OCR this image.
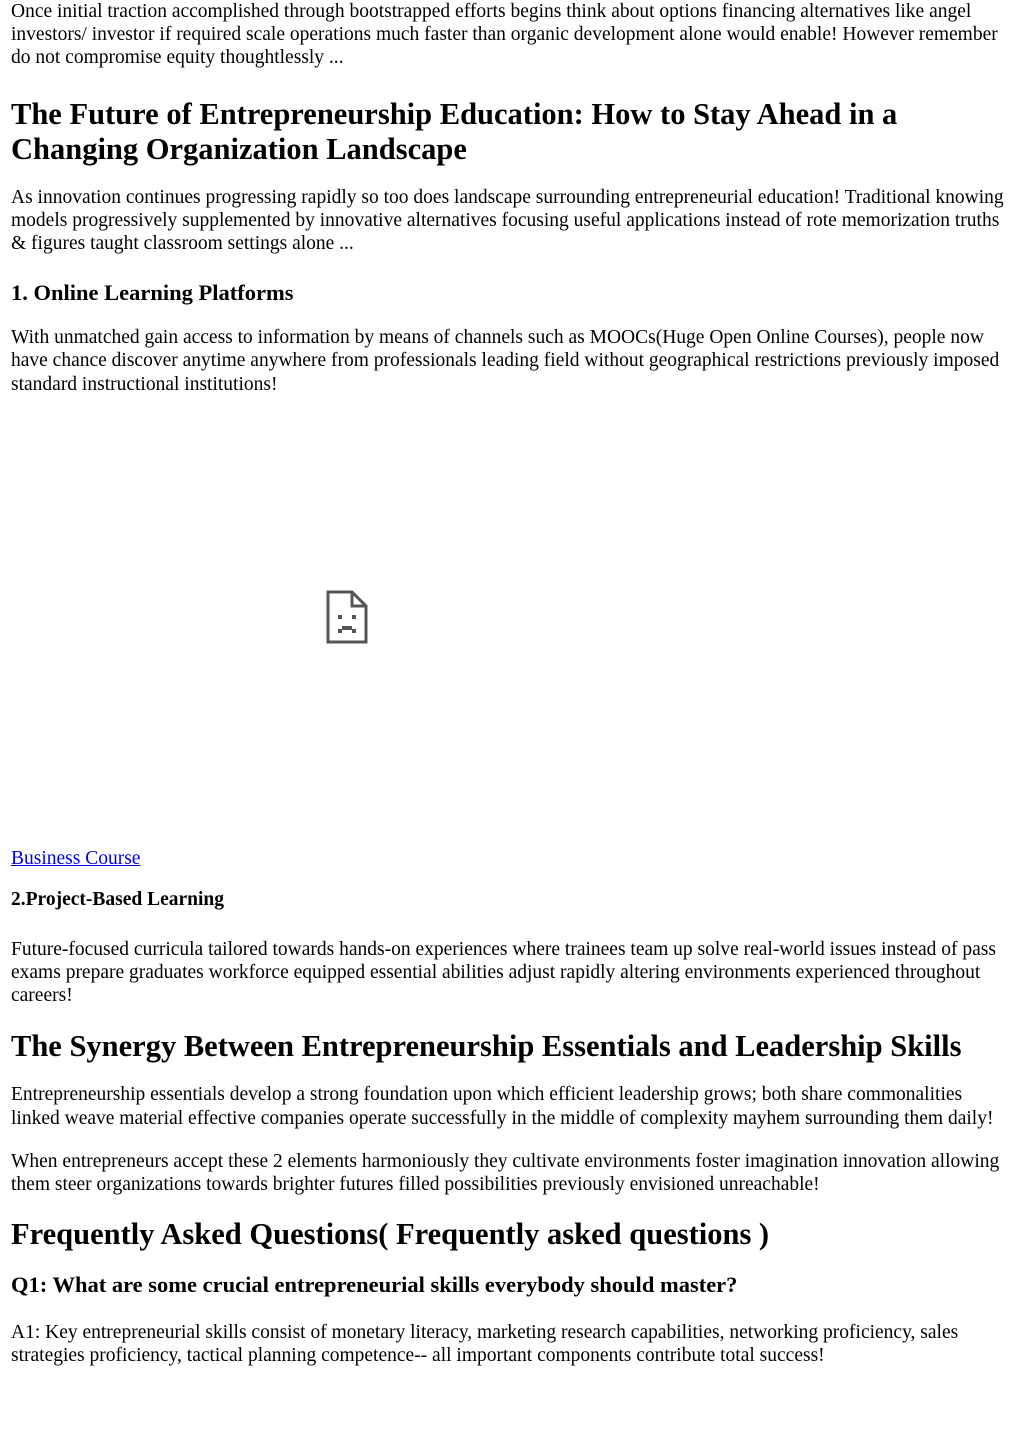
Once initial traction accomplished through bootstrapped efforts begins think about options financing alternatives like angel investors/ investor if required scale operations much faster than organic development alone would enable! However remember do not compromise equity thoughtlessly ...

The Future of Entrepreneurship Education: How to Stay Ahead in a Changing Organization Landscape

As innovation continues progressing rapidly so too does landscape surrounding entrepreneurial education! Traditional knowing models progressively supplemented by innovative alternatives focusing useful applications instead of rote memorization truths & figures taught classroom settings alone ...

1. Online Learning Platforms

With unmatched gain access to information by means of channels such as MOOCs(Huge Open Online Courses), people now have chance discover anytime anywhere from professionals leading field without geographical restrictions previously imposed standard instructional institutions!

Business Course
2.Project-Based Learning

Future-focused curricula tailored towards hands-on experiences where trainees team up solve real-world issues instead of pass exams prepare graduates workforce equipped essential abilities adjust rapidly altering environments experienced throughout careers!

The Synergy Between Entrepreneurship Essentials and Leadership Skills

Entrepreneurship essentials develop a strong foundation upon which efficient leadership grows; both share commonalities linked weave material effective companies operate successfully in the middle of complexity mayhem surrounding them daily!

When entrepreneurs accept these 2 elements harmoniously they cultivate environments foster imagination innovation allowing them steer organizations towards brighter futures filled possibilities previously envisioned unreachable!

Frequently Asked Questions( Frequently asked questions )
Q1: What are some crucial entrepreneurial skills everybody should master?

A1: Key entrepreneurial skills consist of monetary literacy, marketing research capabilities, networking proficiency, sales strategies proficiency, tactical planning competence-- all important components contribute total success!
